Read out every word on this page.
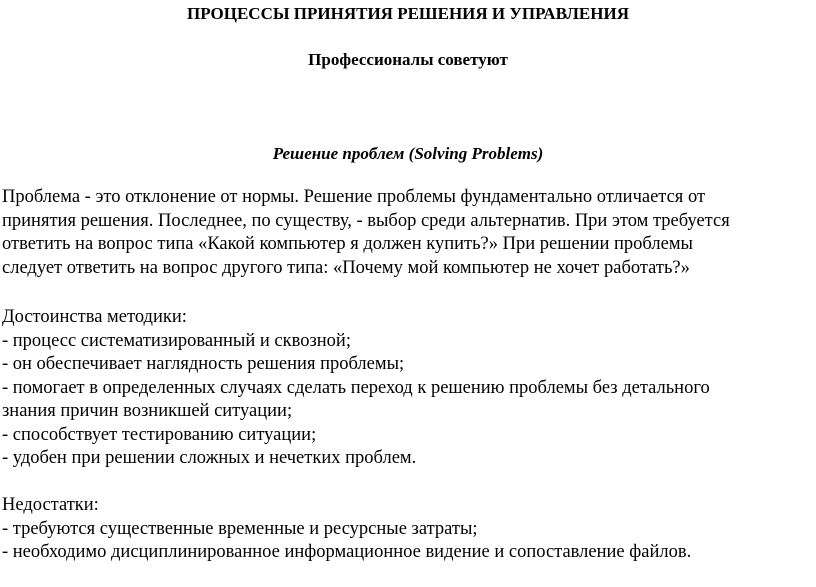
ПРОЦЕССЫ ПРИНЯТИЯ РЕШЕНИЯ И УПРАВЛЕНИЯ
Профессионалы советуют
Решение проблем (Solving Problems)
Проблема - это отклонение от нормы. Решение проблемы фундаментально отличается от
принятия решения. Последнее, по существу, - выбор среди альтернатив. При этом требуется
ответить на вопрос типа «Какой компьютер я должен купить?» При решении проблемы
следует ответить на вопрос другого типа: «Почему мой компьютер не хочет работать?»
Достоинства методики:
- процесс систематизированный и сквозной;
- он обеспечивает наглядность решения проблемы;
- помогает в определенных случаях сделать переход к решению проблемы без детального
знания причин возникшей ситуации;
- способствует тестированию ситуации;
- удобен при решении сложных и нечетких проблем.
Недостатки:
- требуются существенные временные и ресурсные затраты;
- необходимо дисциплинированное информационное видение и сопоставление файлов.
